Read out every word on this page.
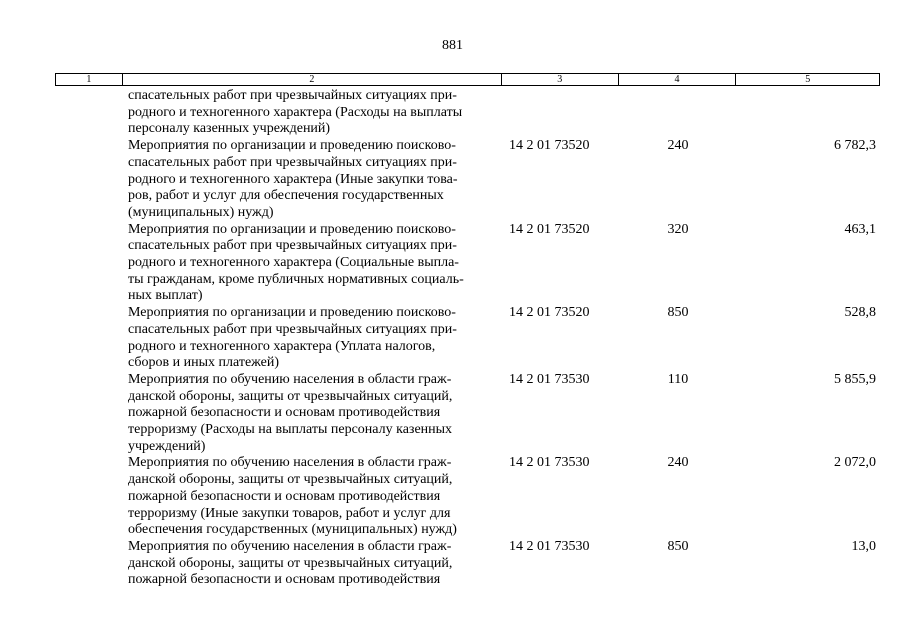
881
1	2	3	4	5
спасательных работ при чрезвычайных ситуациях при-
родного и техногенного характера (Расходы на выплаты
персоналу казенных учреждений)
Мероприятия по организации и проведению поисково-
спасательных работ при чрезвычайных ситуациях при-
родного и техногенного характера (Иные закупки това-
ров, работ и услуг для обеспечения государственных
(муниципальных) нужд)
14 2 01 73520	240	6 782,3
Мероприятия по организации и проведению поисково-
спасательных работ при чрезвычайных ситуациях при-
родного и техногенного характера (Социальные выпла-
ты гражданам, кроме публичных нормативных социаль-
ных выплат)
14 2 01 73520	320	463,1
Мероприятия по организации и проведению поисково-
спасательных работ при чрезвычайных ситуациях при-
родного и техногенного характера (Уплата налогов,
сборов и иных платежей)
14 2 01 73520	850	528,8
Мероприятия по обучению населения в области граж-
данской обороны, защиты от чрезвычайных ситуаций,
пожарной безопасности и основам противодействия
терроризму (Расходы на выплаты персоналу казенных
учреждений)
14 2 01 73530	110	5 855,9
Мероприятия по обучению населения в области граж-
данской обороны, защиты от чрезвычайных ситуаций,
пожарной безопасности и основам противодействия
терроризму (Иные закупки товаров, работ и услуг для
обеспечения государственных (муниципальных) нужд)
14 2 01 73530	240	2 072,0
Мероприятия по обучению населения в области граж-
данской обороны, защиты от чрезвычайных ситуаций,
пожарной безопасности и основам противодействия
14 2 01 73530	850	13,0
